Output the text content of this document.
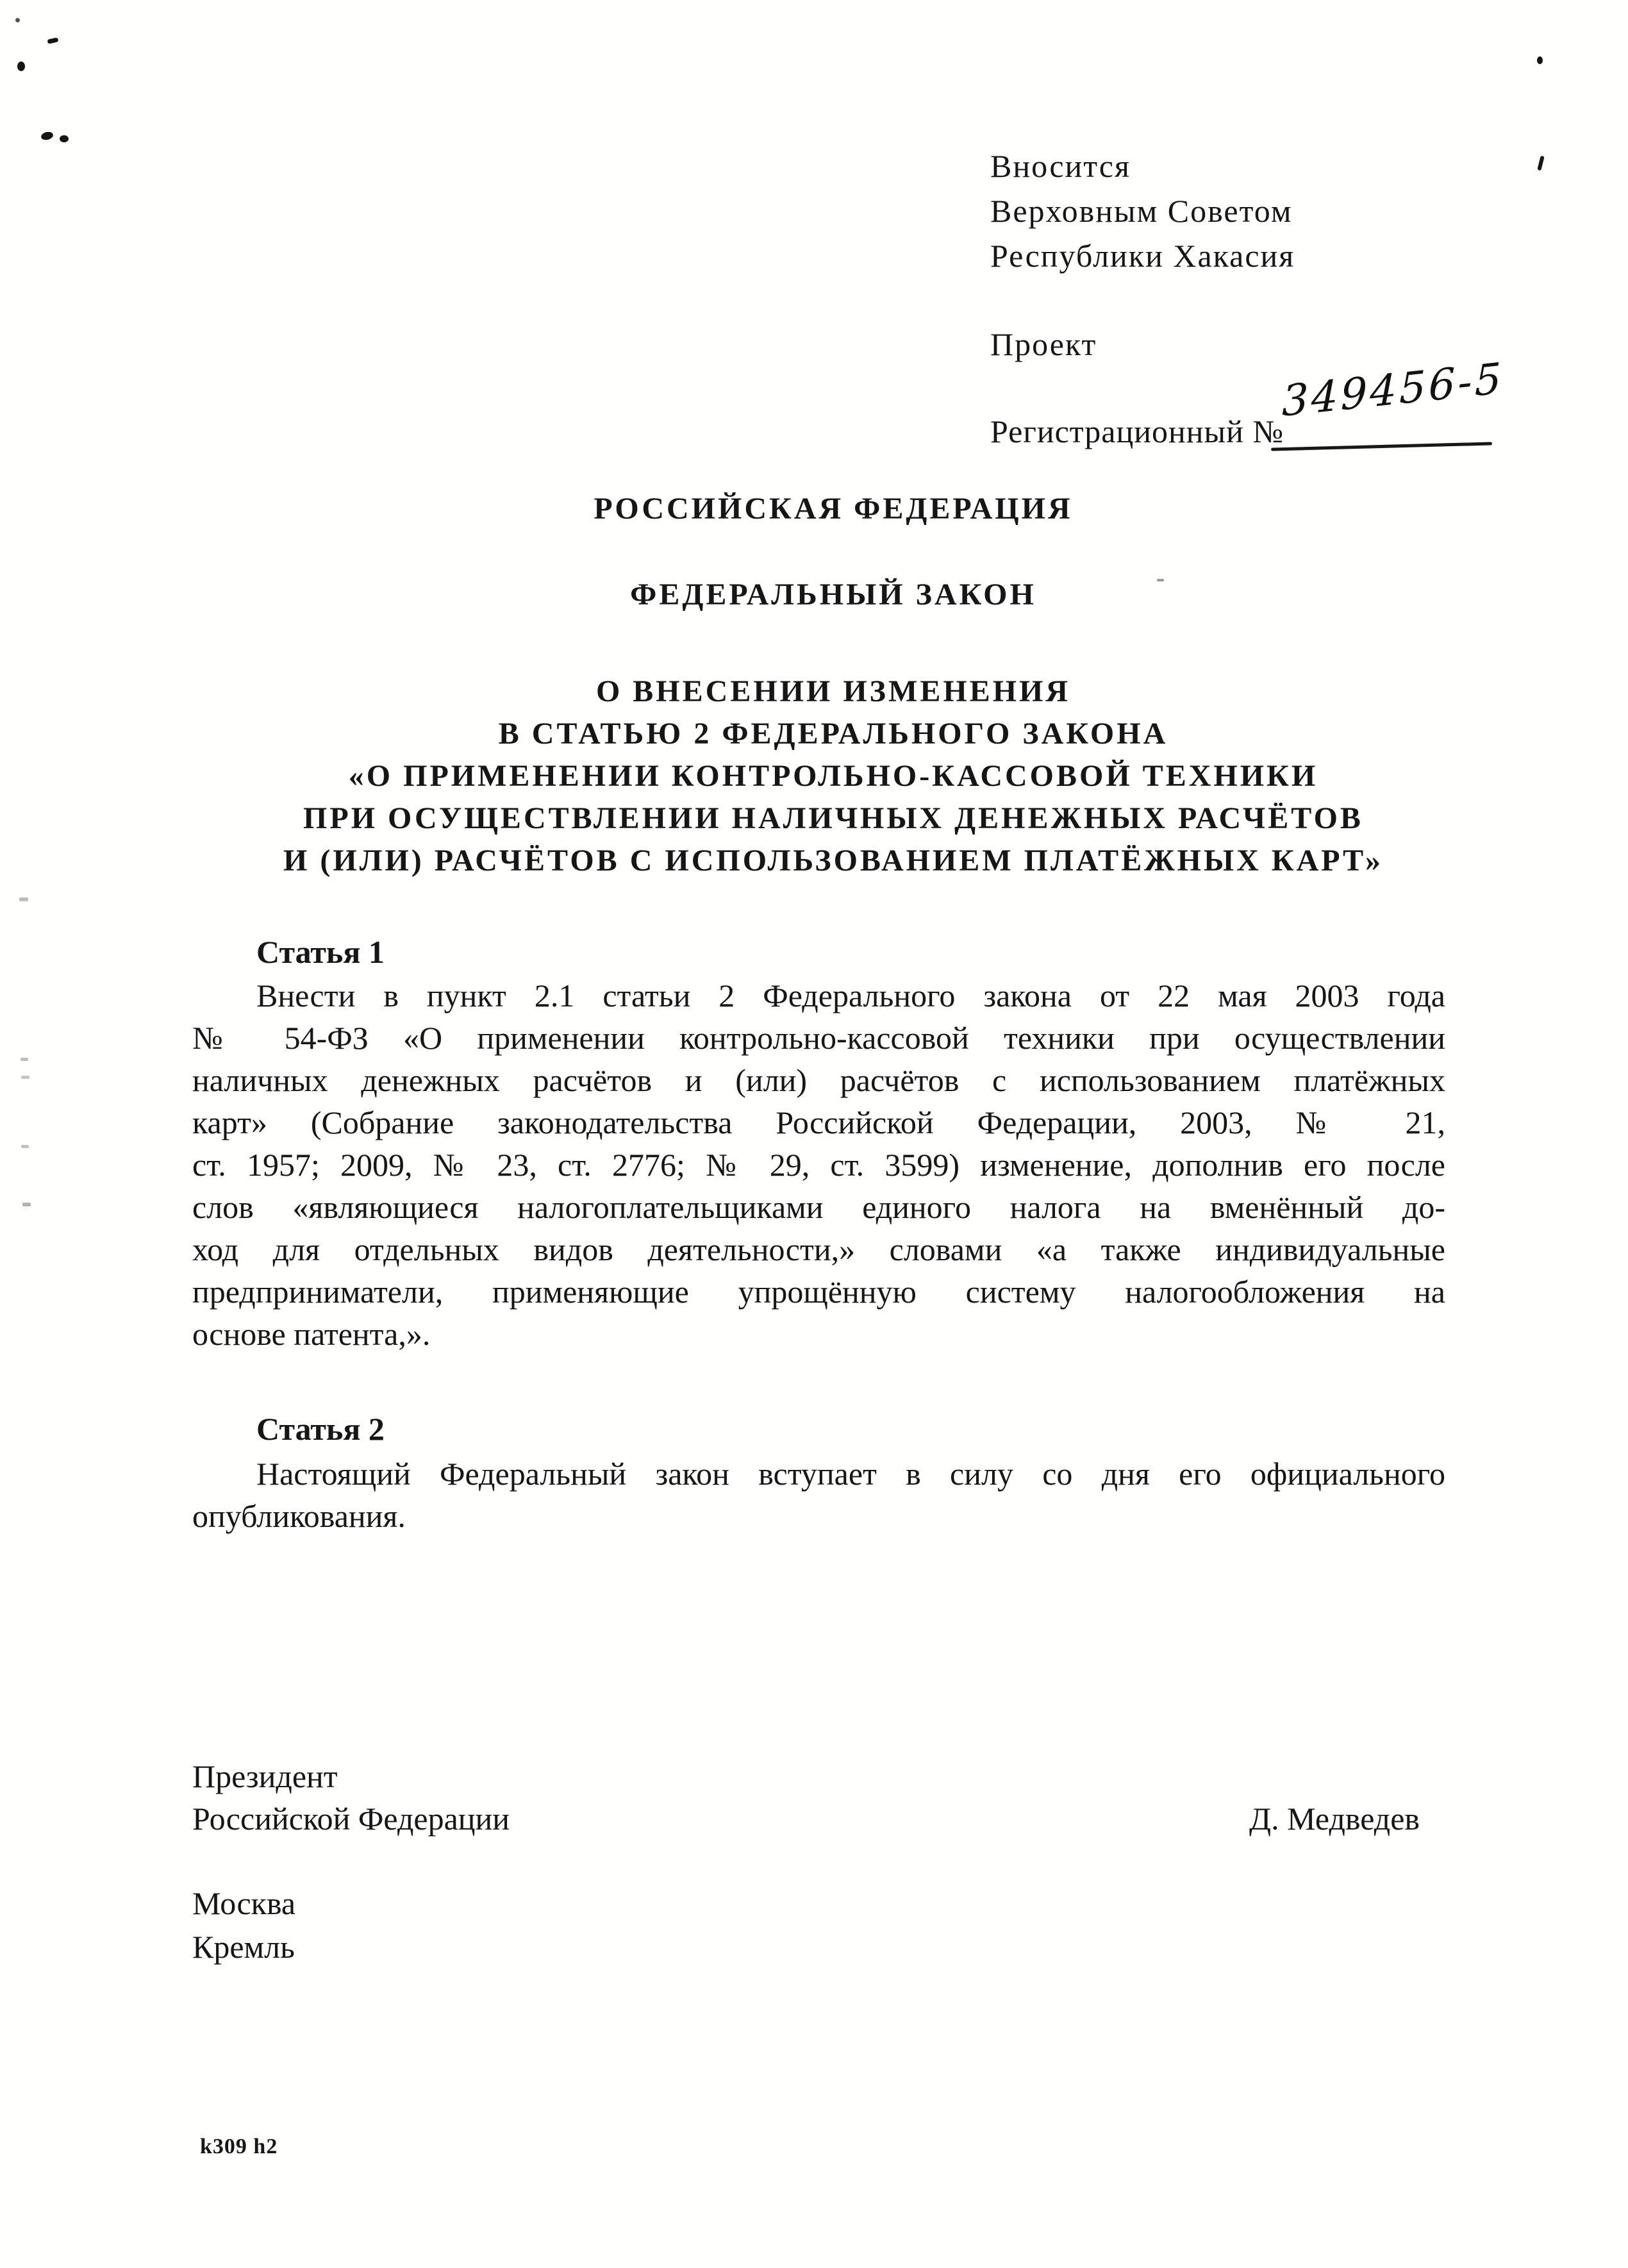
Вносится
Верховным Советом
Республики Хакасия
Проект
Регистрационный №
349456-5
РОССИЙСКАЯ ФЕДЕРАЦИЯ
ФЕДЕРАЛЬНЫЙ ЗАКОН
О ВНЕСЕНИИ ИЗМЕНЕНИЯ
В СТАТЬЮ 2 ФЕДЕРАЛЬНОГО ЗАКОНА
«О ПРИМЕНЕНИИ КОНТРОЛЬНО-КАССОВОЙ ТЕХНИКИ
ПРИ ОСУЩЕСТВЛЕНИИ НАЛИЧНЫХ ДЕНЕЖНЫХ РАСЧЁТОВ
И (ИЛИ) РАСЧЁТОВ С ИСПОЛЬЗОВАНИЕМ ПЛАТЁЖНЫХ КАРТ»
Статья 1
Внести в пункт 2.1 статьи 2 Федерального закона от 22 мая 2003 года
№ 54-ФЗ «О применении контрольно-кассовой техники при осуществлении
наличных денежных расчётов и (или) расчётов с использованием платёжных
карт» (Собрание законодательства Российской Федерации, 2003, № 21,
ст. 1957; 2009, № 23, ст. 2776; № 29, ст. 3599) изменение, дополнив его после
слов «являющиеся налогоплательщиками единого налога на вменённый до-
ход для отдельных видов деятельности,» словами «а также индивидуальные
предприниматели, применяющие упрощённую систему налогообложения на
основе патента,».
Статья 2
Настоящий Федеральный закон вступает в силу со дня его официального
опубликования.
Президент
Российской Федерации	Д. Медведев
Москва
Кремль
k309 h2
